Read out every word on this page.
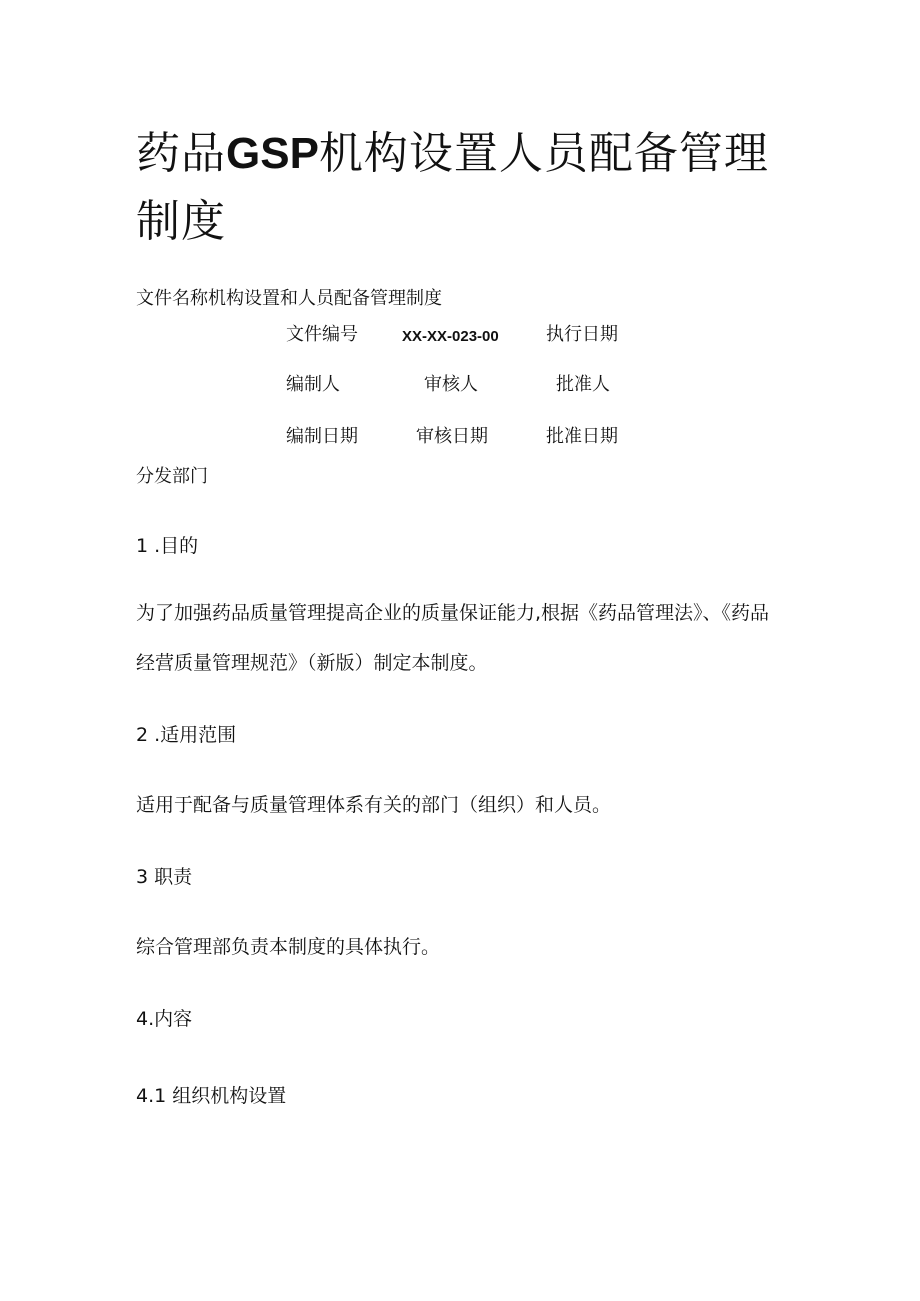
药品GSP机构设置人员配备管理
制度
文件名称机构设置和人员配备管理制度
文件编号	XX-XX-023-00	执行日期
编制人	审核人	批准人
编制日期	审核日期	批准日期
分发部门
1 .目的
为了加强药品质量管理提高企业的质量保证能力,根据《药品管理法》、《药品经营质量管理规范》（新版）制定本制度。
2 .适用范围
适用于配备与质量管理体系有关的部门（组织）和人员。
3 职责
综合管理部负责本制度的具体执行。
4.内容
4.1 组织机构设置
